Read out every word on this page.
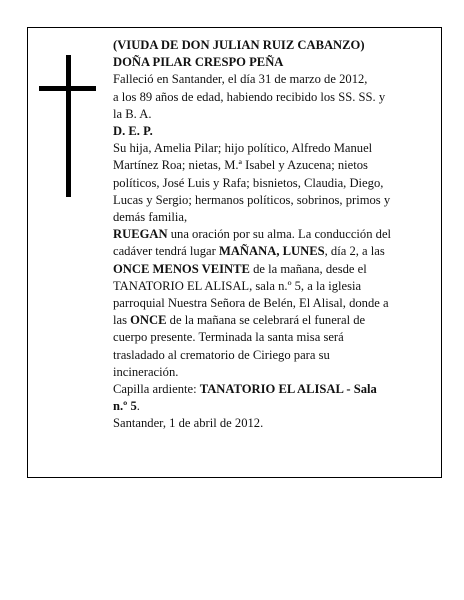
(VIUDA DE DON JULIAN RUIZ CABANZO)

DOÑA PILAR CRESPO PEÑA

Falleció en Santander, el día 31 de marzo de 2012,

a los 89 años de edad, habiendo recibido los SS. SS. y

la B. A.

D. E. P.

Su hija, Amelia Pilar; hijo político, Alfredo Manuel

Martínez Roa; nietas, M.ª Isabel y Azucena; nietos

políticos, José Luis y Rafa; bisnietos, Claudia, Diego,

Lucas y Sergio; hermanos políticos, sobrinos, primos y

demás familia,

RUEGAN una oración por su alma. La conducción del

cadáver tendrá lugar MAÑANA, LUNES, día 2, a las

ONCE MENOS VEINTE de la mañana, desde el

TANATORIO EL ALISAL, sala n.º 5, a la iglesia

parroquial Nuestra Señora de Belén, El Alisal, donde a

las ONCE de la mañana se celebrará el funeral de

cuerpo presente. Terminada la santa misa será

trasladado al crematorio de Ciriego para su

incineración.

Capilla ardiente: TANATORIO EL ALISAL - Sala

n.º 5.

Santander, 1 de abril de 2012.
